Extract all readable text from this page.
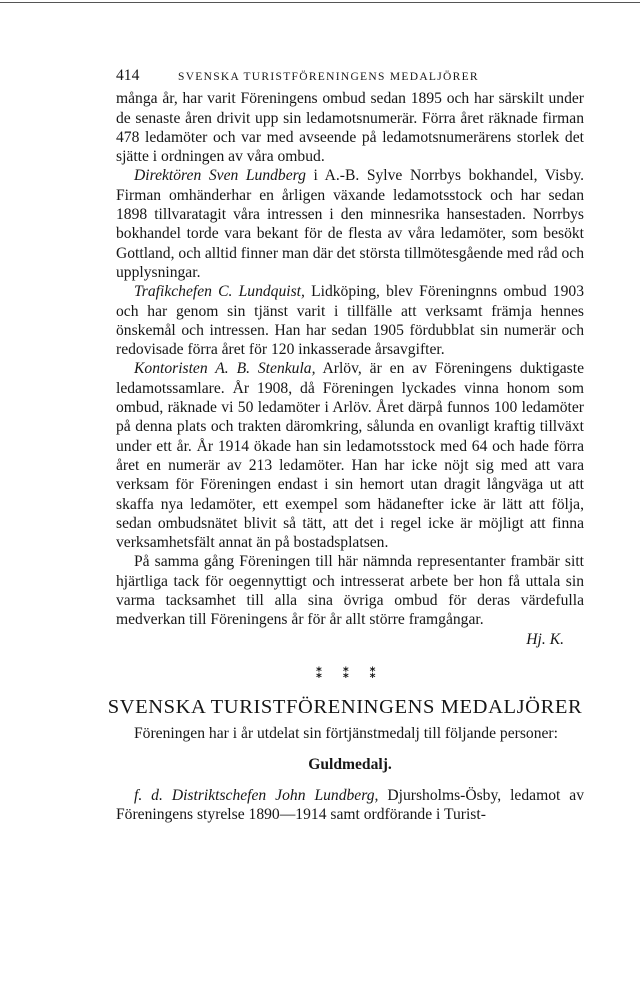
414	SVENSKA TURISTFÖRENINGENS MEDALJÖRER

många år, har varit Föreningens ombud sedan 1895 och har särskilt under de senaste åren drivit upp sin ledamotsnumerär. Förra året räknade firman 478 ledamöter och var med avseende på ledamotsnumerärens storlek det sjätte i ordningen av våra ombud.

Direktören Sven Lundberg i A.-B. Sylve Norrbys bokhandel, Visby. Firman omhänderhar en årligen växande ledamotsstock och har sedan 1898 tillvaratagit våra intressen i den minnesrika hansestaden. Norrbys bokhandel torde vara bekant för de flesta av våra ledamöter, som besökt Gottland, och alltid finner man där det största tillmötesgående med råd och upplysningar.

Trafikchefen C. Lundquist, Lidköping, blev Föreningnns ombud 1903 och har genom sin tjänst varit i tillfälle att verksamt främja hennes önskemål och intressen. Han har sedan 1905 fördubblat sin numerär och redovisade förra året för 120 inkasserade årsavgifter.

Kontoristen A. B. Stenkula, Arlöv, är en av Föreningens duktigaste ledamotssamlare. År 1908, då Föreningen lyckades vinna honom som ombud, räknade vi 50 ledamöter i Arlöv. Året därpå funnos 100 ledamöter på denna plats och trakten däromkring, sålunda en ovanligt kraftig tillväxt under ett år. År 1914 ökade han sin ledamotsstock med 64 och hade förra året en numerär av 213 ledamöter. Han har icke nöjt sig med att vara verksam för Föreningen endast i sin hemort utan dragit långväga ut att skaffa nya ledamöter, ett exempel som hädanefter icke är lätt att följa, sedan ombudsnätet blivit så tätt, att det i regel icke är möjligt att finna verksamhetsfält annat än på bostadsplatsen.

På samma gång Föreningen till här nämnda representanter frambär sitt hjärtliga tack för oegennyttigt och intresserat arbete ber hon få uttala sin varma tacksamhet till alla sina övriga ombud för deras värdefulla medverkan till Föreningens år för år allt större framgångar.

Hj. K.
⁑ ⁑ ⁑
SVENSKA TURISTFÖRENINGENS MEDALJÖRER

Föreningen har i år utdelat sin förtjänstmedalj till följande personer:

Guldmedalj.

f. d. Distriktschefen John Lundberg, Djursholms-Ösby, ledamot av Föreningens styrelse 1890—1914 samt ordförande i Turist-
